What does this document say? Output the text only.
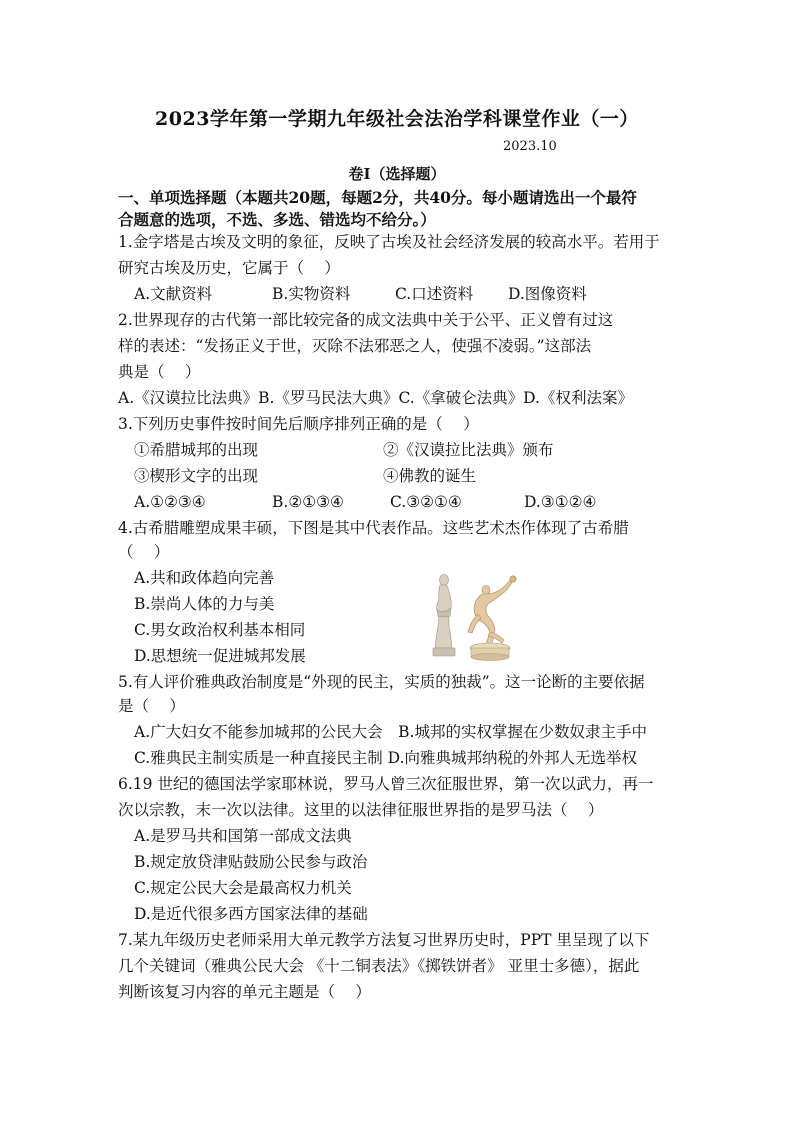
2023学年第一学期九年级社会法治学科课堂作业（一）
2023.10
卷Ⅰ（选择题）
一、单项选择题（本题共20题，每题2分，共40分。每小题请选出一个最符
合题意的选项，不选、多选、错选均不给分。）
1.金字塔是古埃及文明的象征，反映了古埃及社会经济发展的较高水平。若用于
研究古埃及历史，它属于（　 ）
A.文献资料	B.实物资料	C.口述资料 D.图像资料
2.世界现存的古代第一部比较完备的成文法典中关于公平、正义曾有过这
样的表述：“发扬正义于世，灭除不法邪恶之人，使强不凌弱。”这部法
典是（　 ）
A.《汉谟拉比法典》B.《罗马民法大典》C.《拿破仑法典》D.《权利法案》
3.下列历史事件按时间先后顺序排列正确的是（　 ）
①希腊城邦的出现	②《汉谟拉比法典》颁布
③楔形文字的出现	④佛教的诞生
A.①②③④	B.②①③④	C.③②①④	D.③①②④
4.古希腊雕塑成果丰硕，下图是其中代表作品。这些艺术杰作体现了古希腊
（　 ）
A.共和政体趋向完善
B.崇尚人体的力与美
C.男女政治权利基本相同
D.思想统一促进城邦发展
5.有人评价雅典政治制度是“外现的民主，实质的独裁”。这一论断的主要依据
是（　 ）
A.广大妇女不能参加城邦的公民大会　B.城邦的实权掌握在少数奴隶主手中
C.雅典民主制实质是一种直接民主制 D.向雅典城邦纳税的外邦人无选举权
6.19 世纪的德国法学家耶林说，罗马人曾三次征服世界，第一次以武力，再一
次以宗教，末一次以法律。这里的以法律征服世界指的是罗马法（　 ）
A.是罗马共和国第一部成文法典
B.规定放贷津贴鼓励公民参与政治
C.规定公民大会是最高权力机关
D.是近代很多西方国家法律的基础
7.某九年级历史老师采用大单元教学方法复习世界历史时，PPT 里呈现了以下
几个关键词（雅典公民大会 《十二铜表法》《掷铁饼者》 亚里士多德），据此
判断该复习内容的单元主题是（　 ）
